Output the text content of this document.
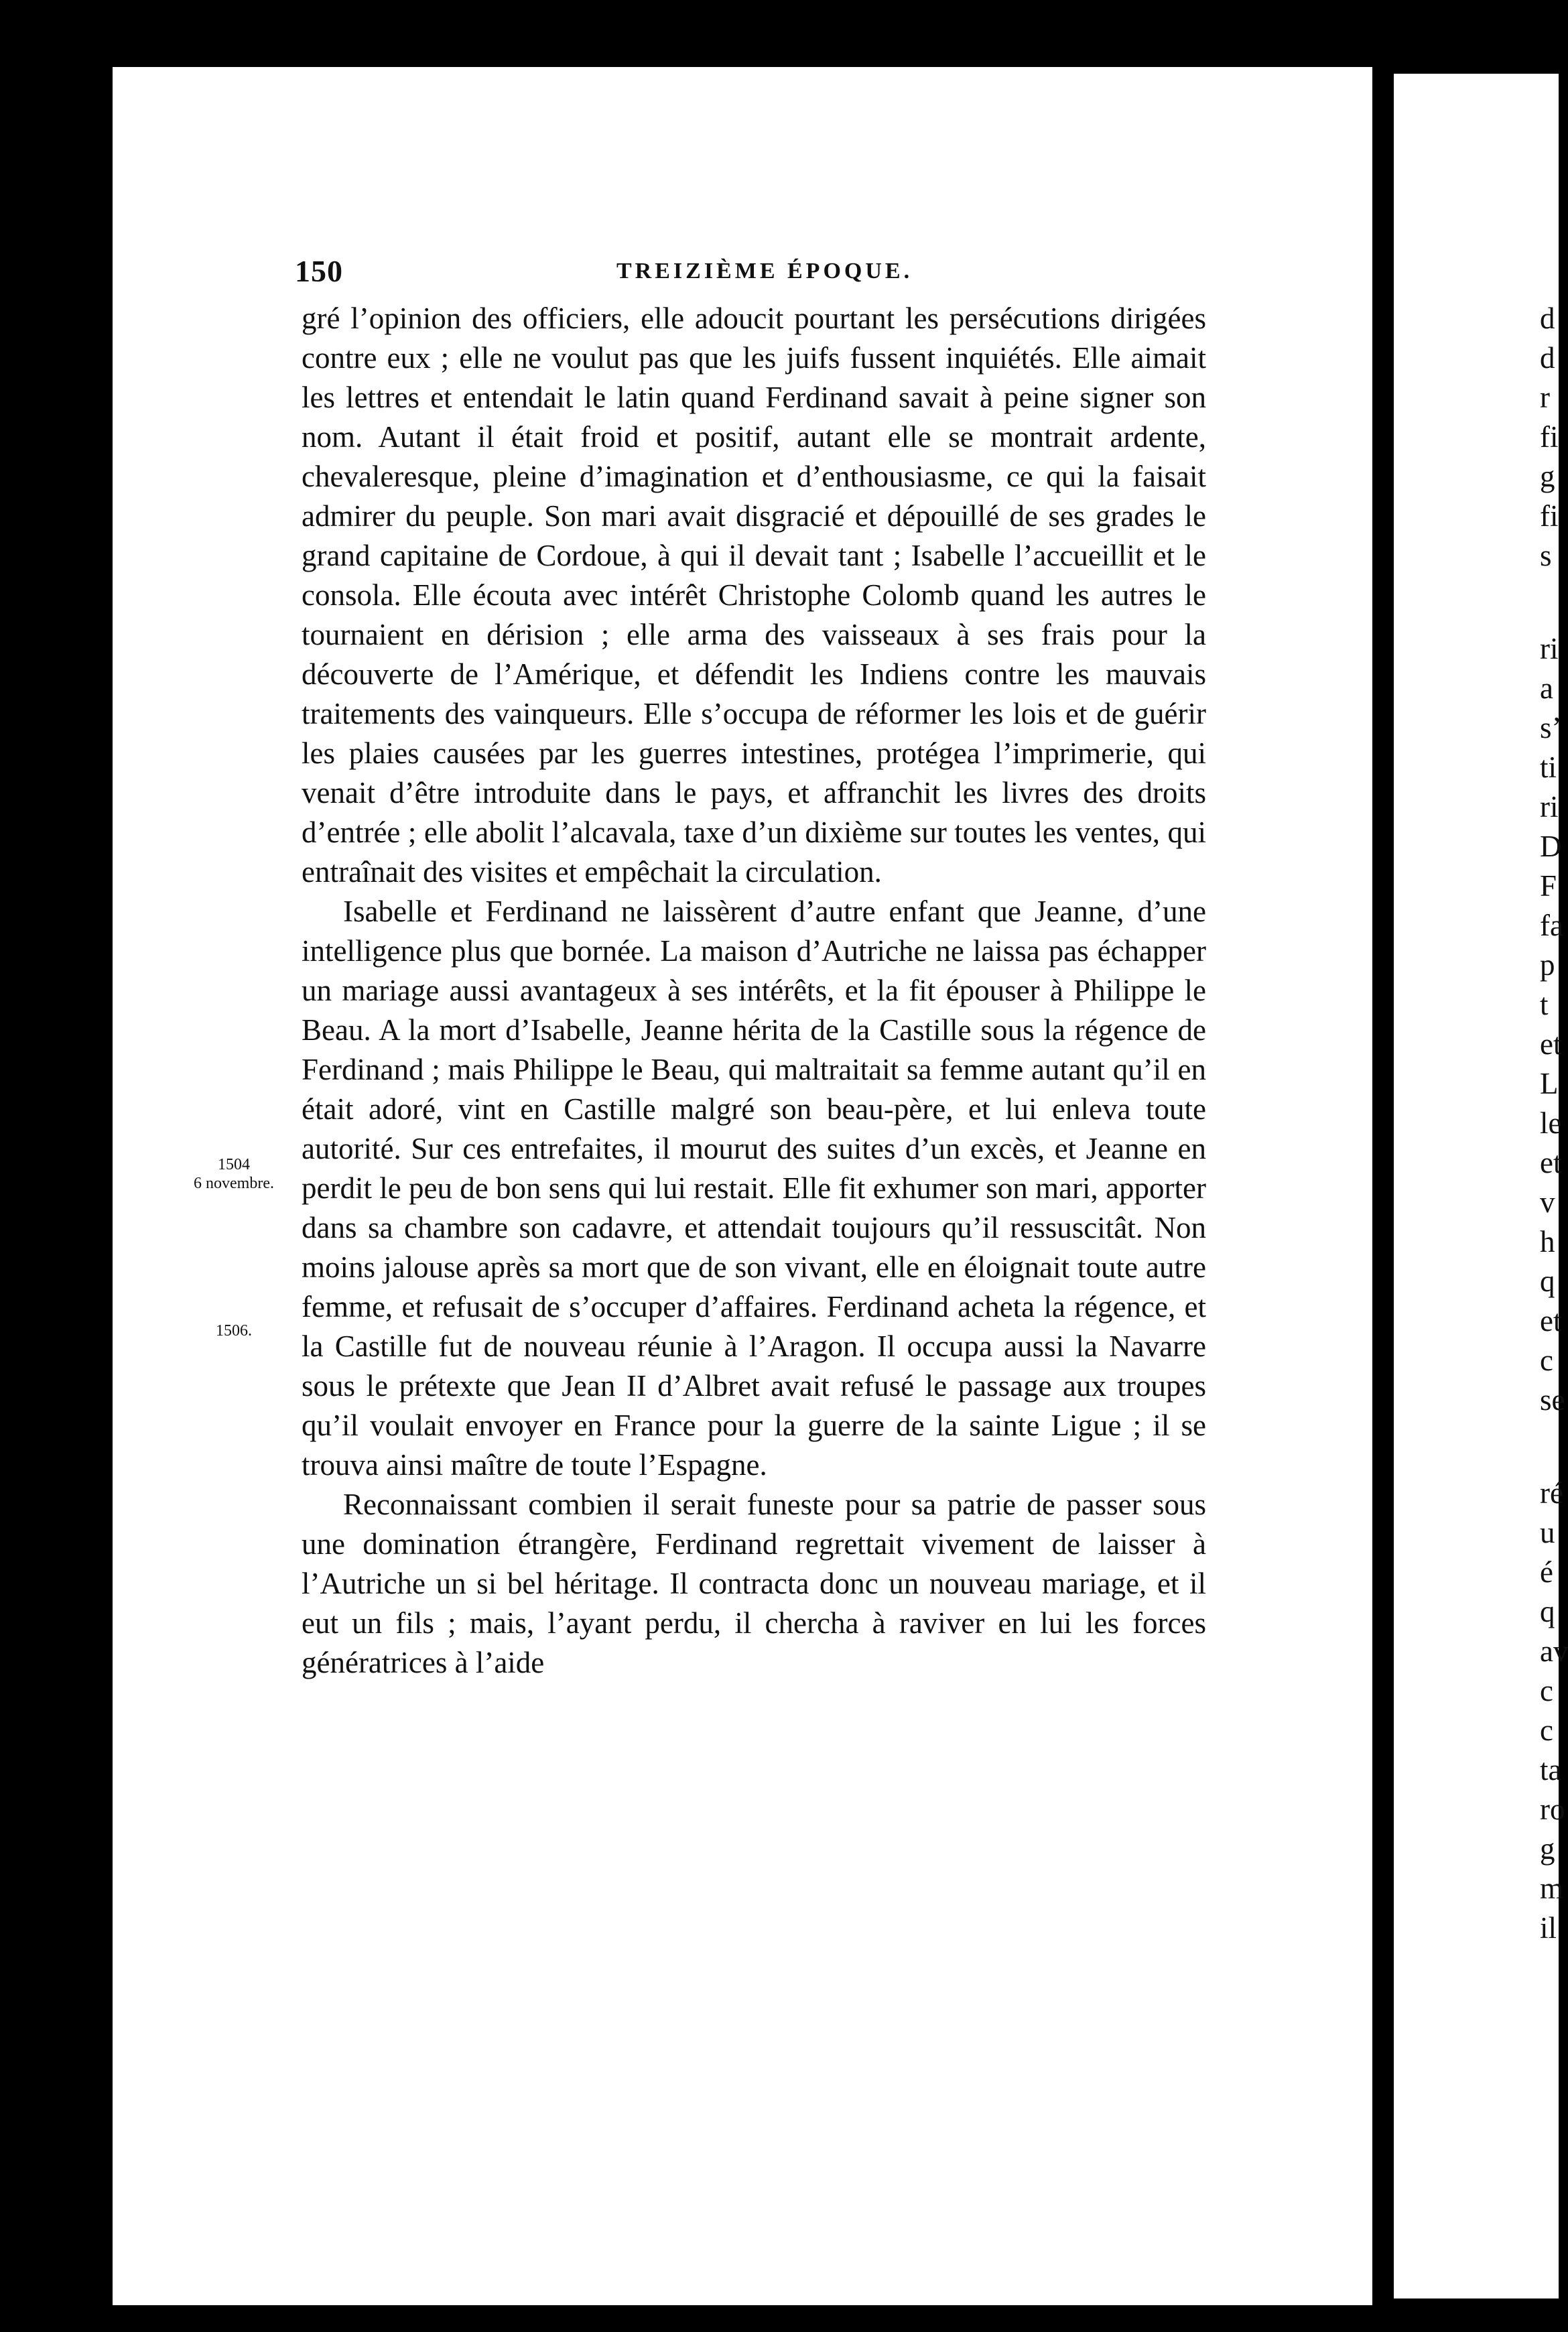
150	TREIZIÈME ÉPOQUE.

gré l’opinion des officiers, elle adoucit pourtant les persécutions dirigées contre eux ; elle ne voulut pas que les juifs fussent inquiétés. Elle aimait les lettres et entendait le latin quand Ferdinand savait à peine signer son nom. Autant il était froid et positif, autant elle se montrait ardente, chevaleresque, pleine d’imagination et d’enthousiasme, ce qui la faisait admirer du peuple. Son mari avait disgracié et dépouillé de ses grades le grand capitaine de Cordoue, à qui il devait tant ; Isabelle l’accueillit et le consola. Elle écouta avec intérêt Christophe Colomb quand les autres le tournaient en dérision ; elle arma des vaisseaux à ses frais pour la découverte de l’Amérique, et défendit les Indiens contre les mauvais traitements des vainqueurs. Elle s’occupa de réformer les lois et de guérir les plaies causées par les guerres intestines, protégea l’imprimerie, qui venait d’être introduite dans le pays, et affranchit les livres des droits d’entrée ; elle abolit l’alcavala, taxe d’un dixième sur toutes les ventes, qui entraînait des visites et empêchait la circulation.

Isabelle et Ferdinand ne laissèrent d’autre enfant que Jeanne, d’une intelligence plus que bornée. La maison d’Autriche ne laissa pas échapper un mariage aussi avantageux à ses intérêts, et la fit épouser à Philippe le Beau. A la mort d’Isabelle, Jeanne hérita de la Castille sous la régence de Ferdinand ; mais Philippe le Beau, qui maltraitait sa femme autant qu’il en était adoré, vint en Castille malgré son beau-père, et lui enleva toute autorité. Sur ces entrefaites, il mourut des suites d’un excès, et Jeanne en perdit le peu de bon sens qui lui restait. Elle fit exhumer son mari, apporter dans sa chambre son cadavre, et attendait toujours qu’il ressuscitât. Non moins jalouse après sa mort que de son vivant, elle en éloignait toute autre femme, et refusait de s’occuper d’affaires. Ferdinand acheta la régence, et la Castille fut de nouveau réunie à l’Aragon. Il occupa aussi la Navarre sous le prétexte que Jean II d’Albret avait refusé le passage aux troupes qu’il voulait envoyer en France pour la guerre de la sainte Ligue ; il se trouva ainsi maître de toute l’Espagne.

Reconnaissant combien il serait funeste pour sa patrie de passer sous une domination étrangère, Ferdinand regrettait vivement de laisser à l’Autriche un si bel héritage. Il contracta donc un nouveau mariage, et il eut un fils ; mais, l’ayant perdu, il chercha à raviver en lui les forces génératrices à l’aide

1504
6 novembre.
1506.
d
d
r
fi
g
fi
s
ri
a
s’
ti
ri
D
F
fa
p
t
et
L
le
et
v
h
q
et
c
se
ré
u
é
q
av
c
c
ta
ro
g
m
il
